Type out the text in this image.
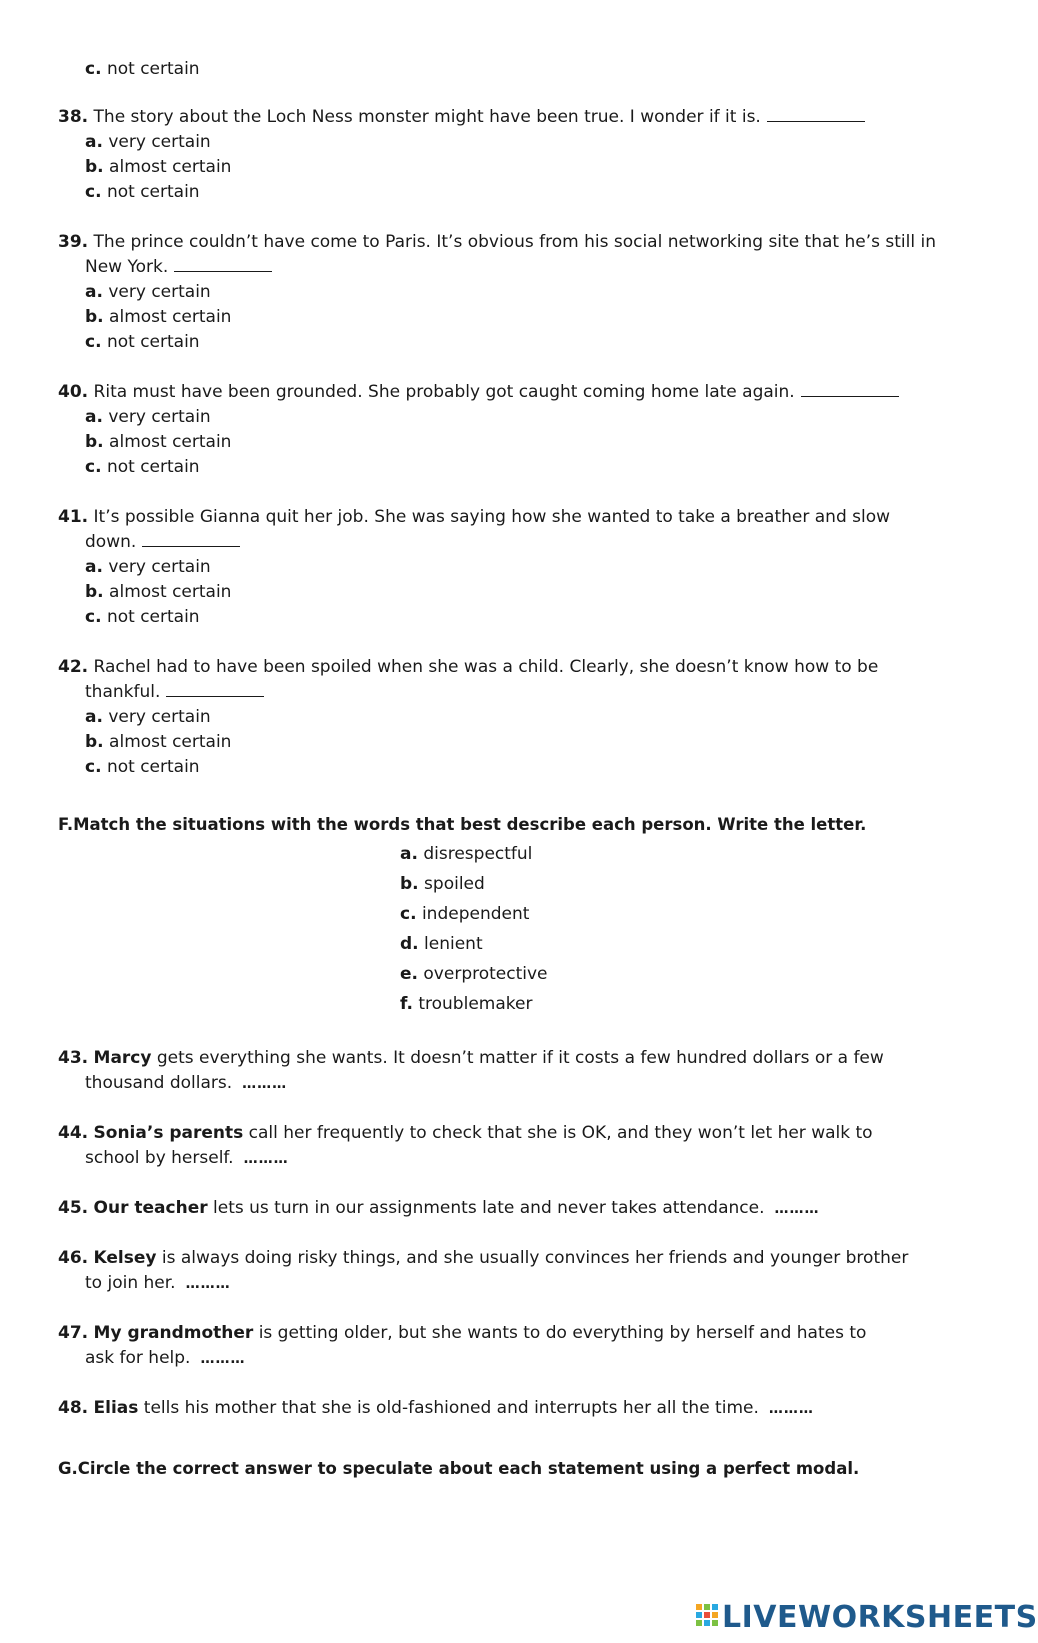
c. not certain
38. The story about the Loch Ness monster might have been true. I wonder if it is.
a. very certain
b. almost certain
c. not certain
39. The prince couldn’t have come to Paris. It’s obvious from his social networking site that he’s still in
New York.
a. very certain
b. almost certain
c. not certain
40. Rita must have been grounded. She probably got caught coming home late again.
a. very certain
b. almost certain
c. not certain
41. It’s possible Gianna quit her job. She was saying how she wanted to take a breather and slow
down.
a. very certain
b. almost certain
c. not certain
42. Rachel had to have been spoiled when she was a child. Clearly, she doesn’t know how to be
thankful.
a. very certain
b. almost certain
c. not certain
F.Match the situations with the words that best describe each person. Write the letter.
a. disrespectful
b. spoiled
c. independent
d. lenient
e. overprotective
f. troublemaker
43. Marcy gets everything she wants. It doesn’t matter if it costs a few hundred dollars or a few
thousand dollars. ………
44. Sonia’s parents call her frequently to check that she is OK, and they won’t let her walk to
school by herself. ………
45. Our teacher lets us turn in our assignments late and never takes attendance. ………
46. Kelsey is always doing risky things, and she usually convinces her friends and younger brother
to join her. ………
47. My grandmother is getting older, but she wants to do everything by herself and hates to
ask for help. ………
48. Elias tells his mother that she is old-fashioned and interrupts her all the time. ………
G.Circle the correct answer to speculate about each statement using a perfect modal.
LIVEWORKSHEETS
